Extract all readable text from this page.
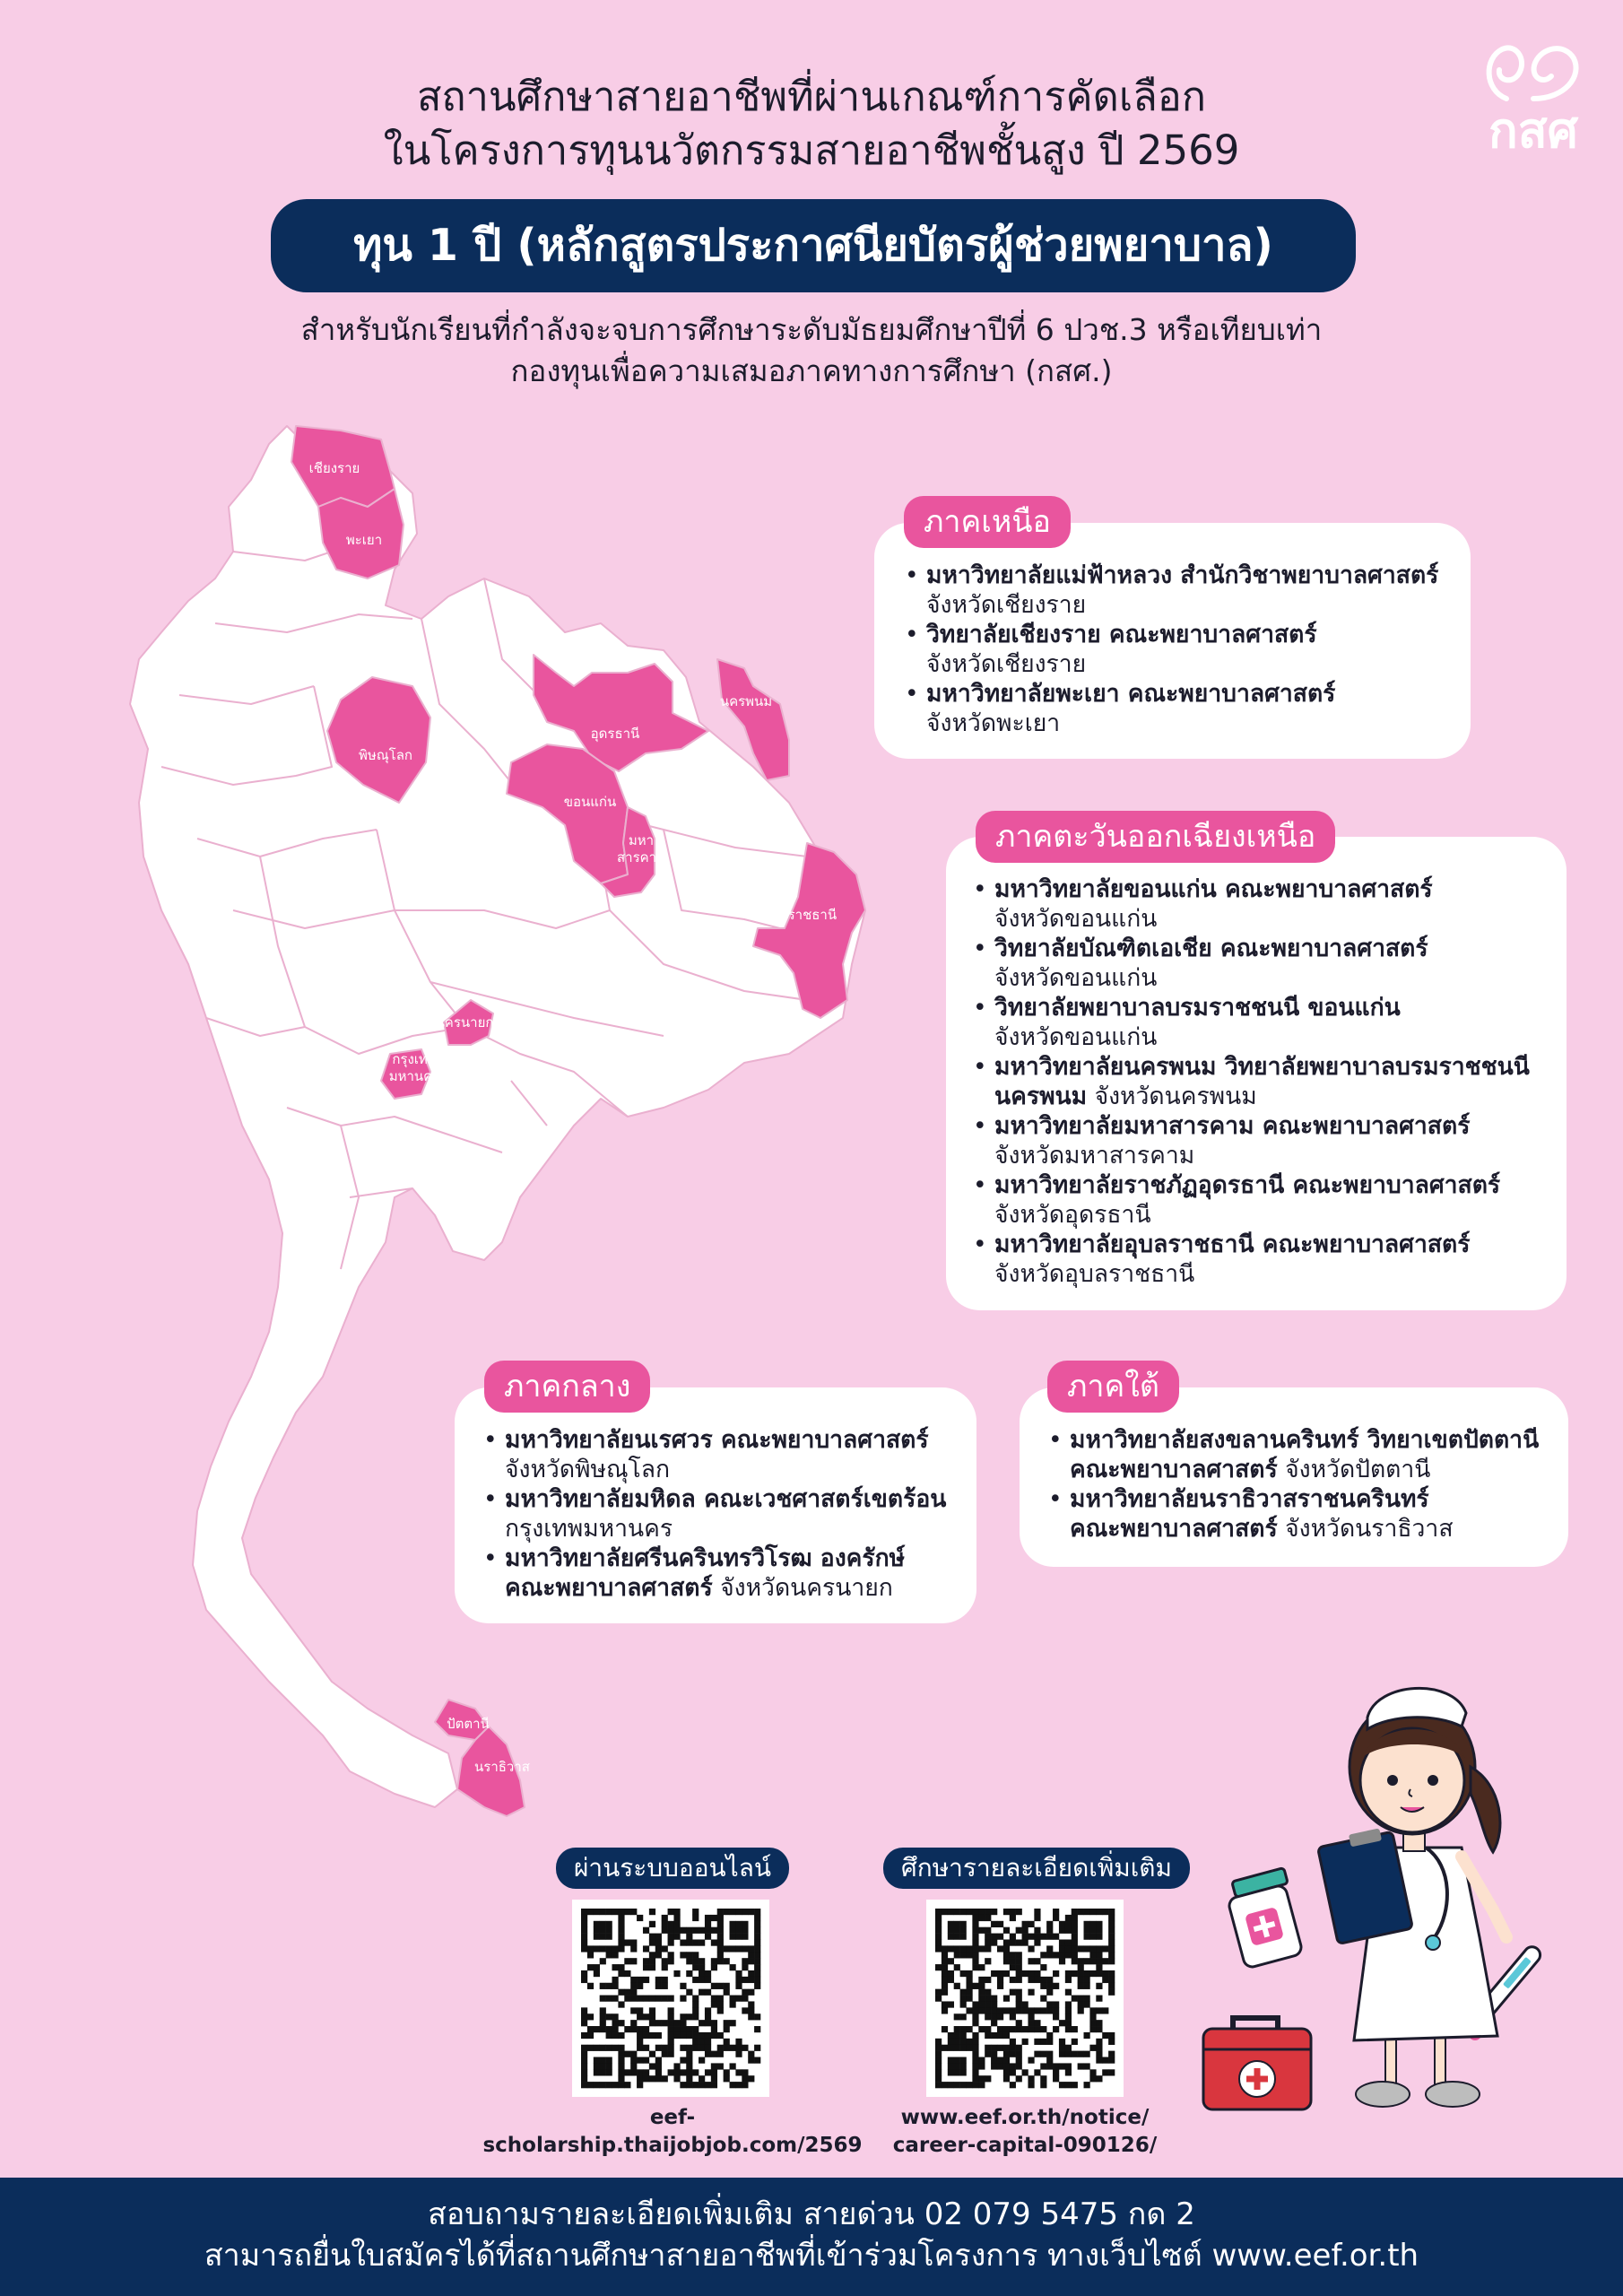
กสศ
สถานศึกษาสายอาชีพที่ผ่านเกณฑ์การคัดเลือก
ในโครงการทุนนวัตกรรมสายอาชีพชั้นสูง ปี 2569
ทุน 1 ปี (หลักสูตรประกาศนียบัตรผู้ช่วยพยาบาล)
สำหรับนักเรียนที่กำลังจะจบการศึกษาระดับมัธยมศึกษาปีที่ 6 ปวช.3 หรือเทียบเท่า
กองทุนเพื่อความเสมอภาคทางการศึกษา (กสศ.)
เชียงราย
พะเยา
พิษณุโลก
อุดรธานี
นครพนม
ขอนแก่น
มหา
สารคาม
อุบลราชธานี
นครนายก
กรุงเทพ
มหานคร
ปัตตานี
นราธิวาส
• มหาวิทยาลัยแม่ฟ้าหลวง สำนักวิชาพยาบาลศาสตร์
จังหวัดเชียงราย
• วิทยาลัยเชียงราย คณะพยาบาลศาสตร์
จังหวัดเชียงราย
• มหาวิทยาลัยพะเยา คณะพยาบาลศาสตร์
จังหวัดพะเยา
ภาคเหนือ
• มหาวิทยาลัยขอนแก่น คณะพยาบาลศาสตร์
จังหวัดขอนแก่น
• วิทยาลัยบัณฑิตเอเชีย คณะพยาบาลศาสตร์
จังหวัดขอนแก่น
• วิทยาลัยพยาบาลบรมราชชนนี ขอนแก่น
จังหวัดขอนแก่น
• มหาวิทยาลัยนครพนม วิทยาลัยพยาบาลบรมราชชนนี
นครพนม จังหวัดนครพนม
• มหาวิทยาลัยมหาสารคาม คณะพยาบาลศาสตร์
จังหวัดมหาสารคาม
• มหาวิทยาลัยราชภัฏอุดรธานี คณะพยาบาลศาสตร์
จังหวัดอุดรธานี
• มหาวิทยาลัยอุบลราชธานี คณะพยาบาลศาสตร์
จังหวัดอุบลราชธานี
ภาคตะวันออกเฉียงเหนือ
• มหาวิทยาลัยนเรศวร คณะพยาบาลศาสตร์
จังหวัดพิษณุโลก
• มหาวิทยาลัยมหิดล คณะเวชศาสตร์เขตร้อน
กรุงเทพมหานคร
• มหาวิทยาลัยศรีนครินทรวิโรฒ องครักษ์
คณะพยาบาลศาสตร์ จังหวัดนครนายก
ภาคกลาง
• มหาวิทยาลัยสงขลานครินทร์ วิทยาเขตปัตตานี
คณะพยาบาลศาสตร์ จังหวัดปัตตานี
• มหาวิทยาลัยนราธิวาสราชนครินทร์
คณะพยาบาลศาสตร์ จังหวัดนราธิวาส
ภาคใต้
ผ่านระบบออนไลน์
eef-scholarship.thaijobjob.com/2569
ศึกษารายละเอียดเพิ่มเติม
www.eef.or.th/notice/
career-capital-090126/
สอบถามรายละเอียดเพิ่มเติม สายด่วน 02 079 5475 กด 2
สามารถยื่นใบสมัครได้ที่สถานศึกษาสายอาชีพที่เข้าร่วมโครงการ ทางเว็บไซต์ www.eef.or.th
